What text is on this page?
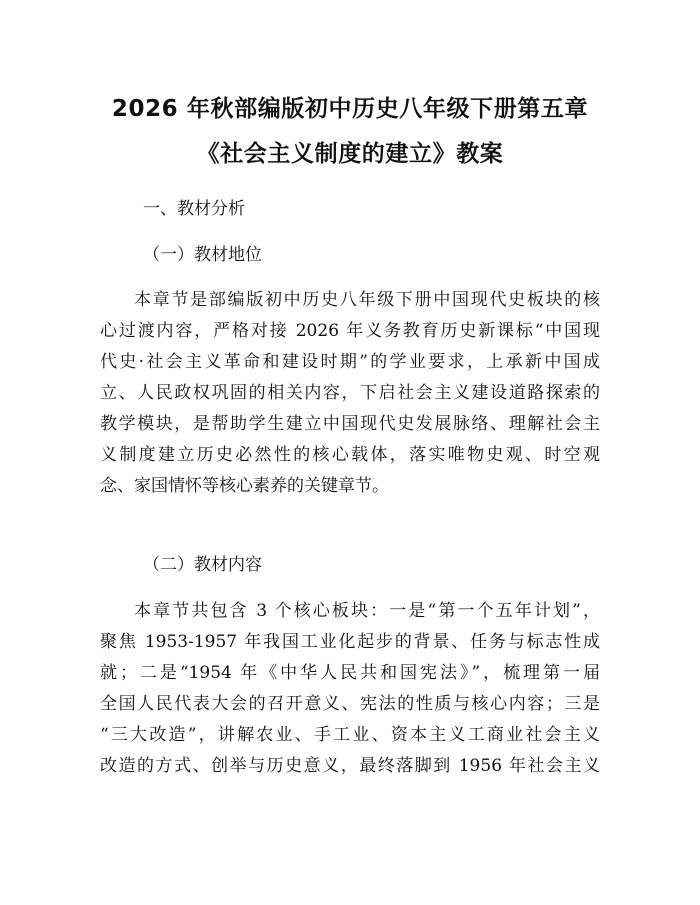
2026 年秋部编版初中历史八年级下册第五章
《社会主义制度的建立》教案
一、教材分析
（一）教材地位
本章节是部编版初中历史八年级下册中国现代史板块的核
心过渡内容，严格对接 2026 年义务教育历史新课标“中国现
代史·社会主义革命和建设时期”的学业要求，上承新中国成
立、人民政权巩固的相关内容，下启社会主义建设道路探索的
教学模块，是帮助学生建立中国现代史发展脉络、理解社会主
义制度建立历史必然性的核心载体，落实唯物史观、时空观
念、家国情怀等核心素养的关键章节。
（二）教材内容
本章节共包含 3 个核心板块：一是“第一个五年计划”，
聚焦 1953-1957 年我国工业化起步的背景、任务与标志性成
就；二是“1954 年《中华人民共和国宪法》”，梳理第一届
全国人民代表大会的召开意义、宪法的性质与核心内容；三是
“三大改造”，讲解农业、手工业、资本主义工商业社会主义
改造的方式、创举与历史意义，最终落脚到 1956 年社会主义
